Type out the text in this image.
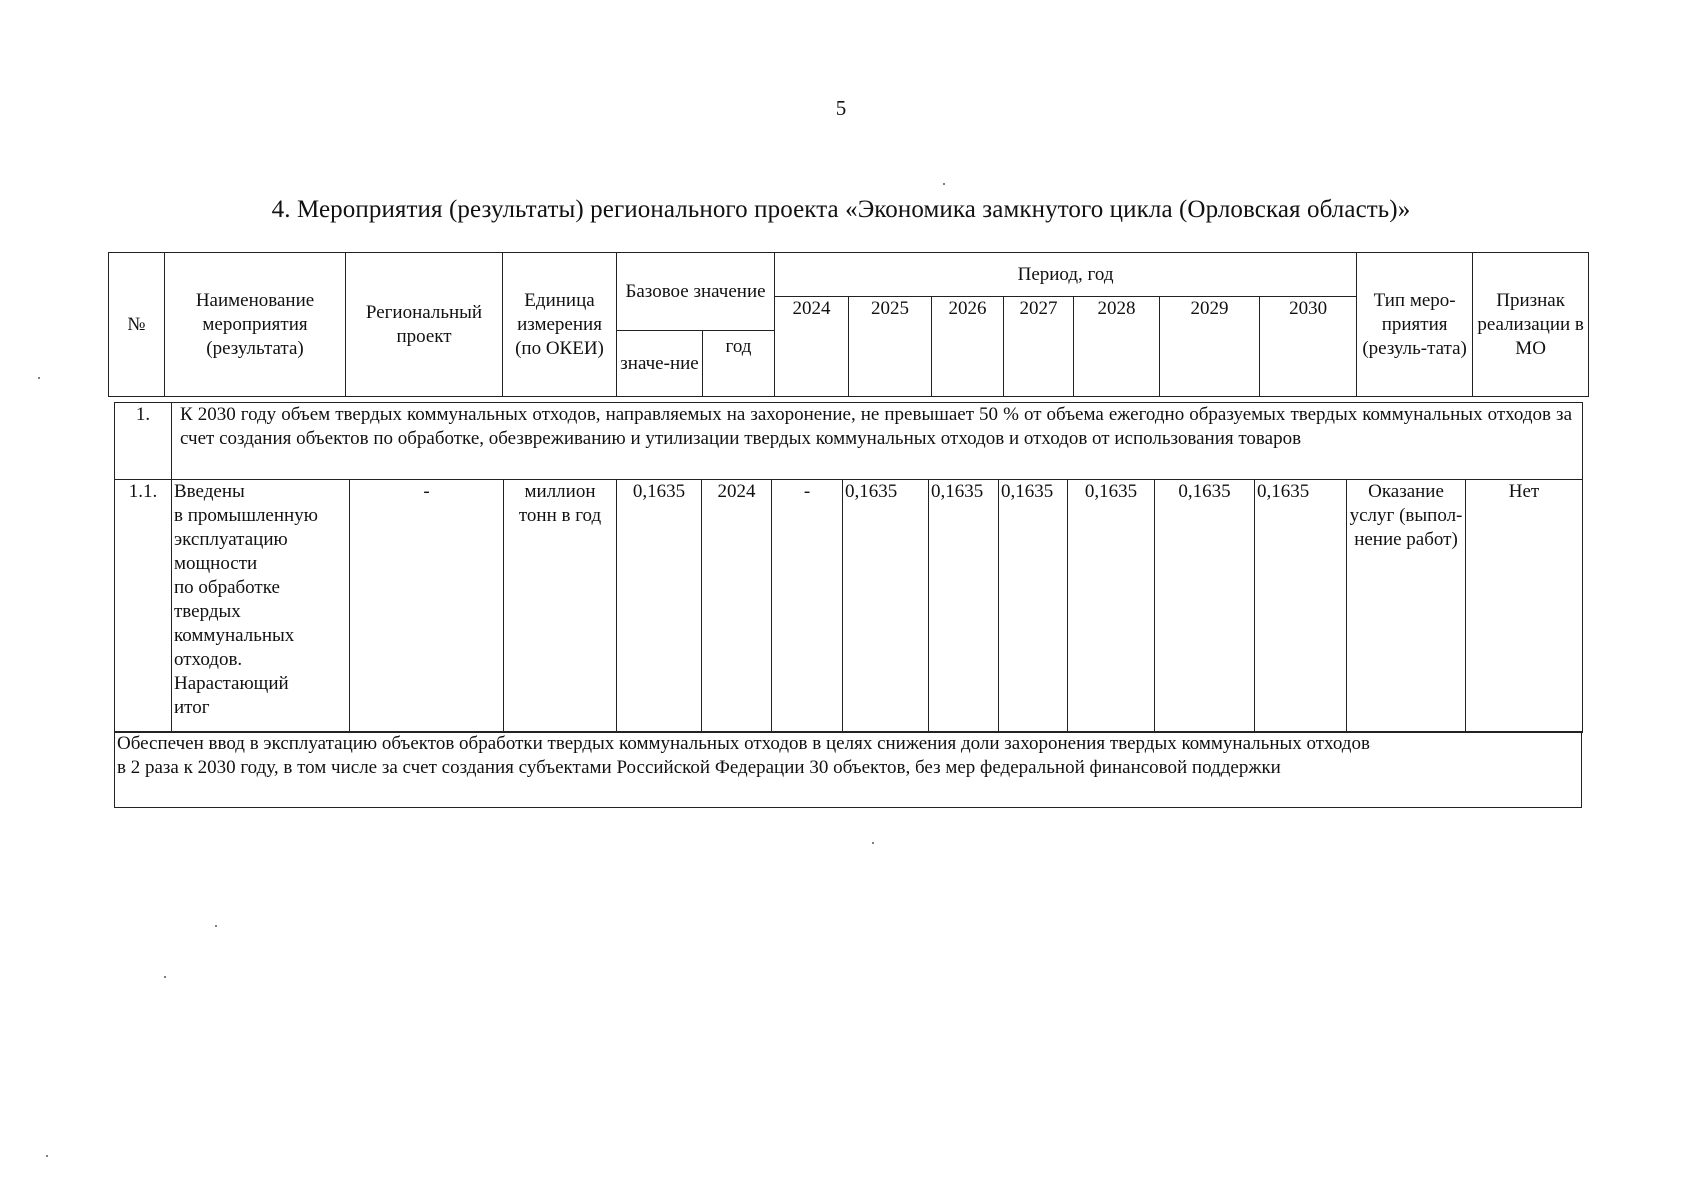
5
4. Мероприятия (результаты) регионального проекта «Экономика замкнутого цикла (Орловская область)»
№	Наименование мероприятия (результата)	Региональный проект	Единица измерения (по ОКЕИ)	Базовое значение		Период, год							Тип меро-приятия (резуль-тата)	Признак реализации в МО
						2024	2025	2026	2027	2028	2029	2030		
				значе-ние	год									
1.	К 2030 году объем твердых коммунальных отходов, направляемых на захоронение, не превышает 50 % от объема ежегодно образуемых твердых коммунальных отходов за счет создания объектов по обработке, обезвреживанию и утилизации твердых коммунальных отходов и отходов от использования товаров
1.1.	Введены
в промышленную
эксплуатацию
мощности
по обработке
твердых
коммунальных
отходов.
Нарастающий
итог	-	миллион тонн в год	0,1635	2024	-	0,1635	0,1635	0,1635	0,1635	0,1635	0,1635	Оказание услуг (выпол-нение работ)	Нет
Обеспечен ввод в эксплуатацию объектов обработки твердых коммунальных отходов в целях снижения доли захоронения твердых коммунальных отходов
в 2 раза к 2030 году, в том числе за счет создания субъектами Российской Федерации 30 объектов, без мер федеральной финансовой поддержки
